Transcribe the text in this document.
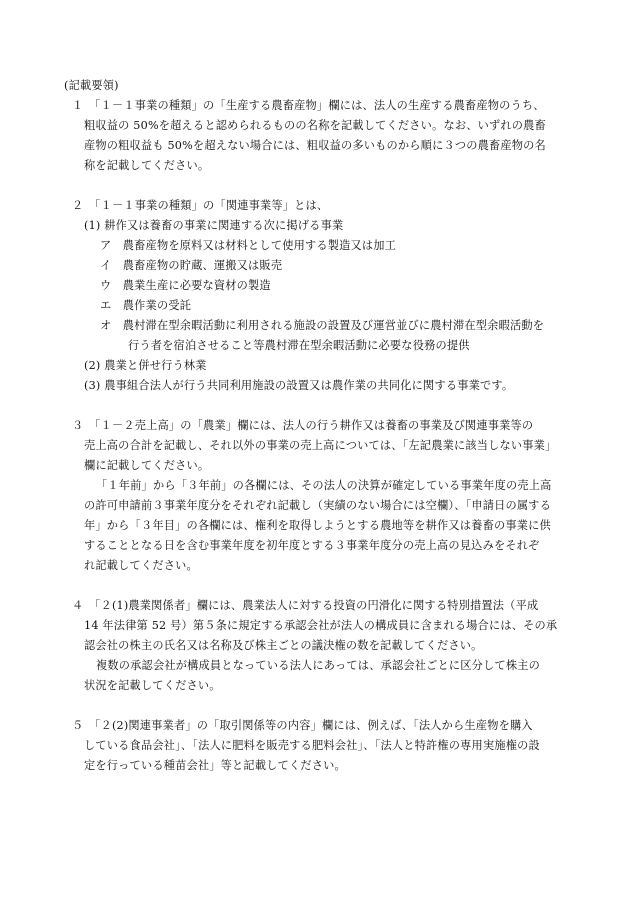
(記載要領)
１　「１－１事業の種類」の「生産する農畜産物」欄には、法人の生産する農畜産物のうち、
粗収益の 50%を超えると認められるものの名称を記載してください。なお、いずれの農畜
産物の粗収益も 50%を超えない場合には、粗収益の多いものから順に３つの農畜産物の名
称を記載してください。
２　「１－１事業の種類」の「関連事業等」とは、
(1) 耕作又は養畜の事業に関連する次に掲げる事業
ア　農畜産物を原料又は材料として使用する製造又は加工
イ　農畜産物の貯蔵、運搬又は販売
ウ　農業生産に必要な資材の製造
エ　農作業の受託
オ　農村滞在型余暇活動に利用される施設の設置及び運営並びに農村滞在型余暇活動を
行う者を宿泊させること等農村滞在型余暇活動に必要な役務の提供
(2) 農業と併せ行う林業
(3) 農事組合法人が行う共同利用施設の設置又は農作業の共同化に関する事業です。
３　「１－２売上高」の「農業」欄には、法人の行う耕作又は養畜の事業及び関連事業等の
売上高の合計を記載し、それ以外の事業の売上高については、「左記農業に該当しない事業」
欄に記載してください。
「１年前」から「３年前」の各欄には、その法人の決算が確定している事業年度の売上高
の許可申請前３事業年度分をそれぞれ記載し（実績のない場合には空欄）、「申請日の属する
年」から「３年目」の各欄には、権利を取得しようとする農地等を耕作又は養畜の事業に供
することとなる日を含む事業年度を初年度とする３事業年度分の売上高の見込みをそれぞ
れ記載してください。
４　「２(1)農業関係者」欄には、農業法人に対する投資の円滑化に関する特別措置法（平成
14 年法律第 52 号）第５条に規定する承認会社が法人の構成員に含まれる場合には、その承
認会社の株主の氏名又は名称及び株主ごとの議決権の数を記載してください。
複数の承認会社が構成員となっている法人にあっては、承認会社ごとに区分して株主の
状況を記載してください。
５　「２(2)関連事業者」の「取引関係等の内容」欄には、例えば、「法人から生産物を購入
している食品会社」、「法人に肥料を販売する肥料会社」、「法人と特許権の専用実施権の設
定を行っている種苗会社」等と記載してください。
